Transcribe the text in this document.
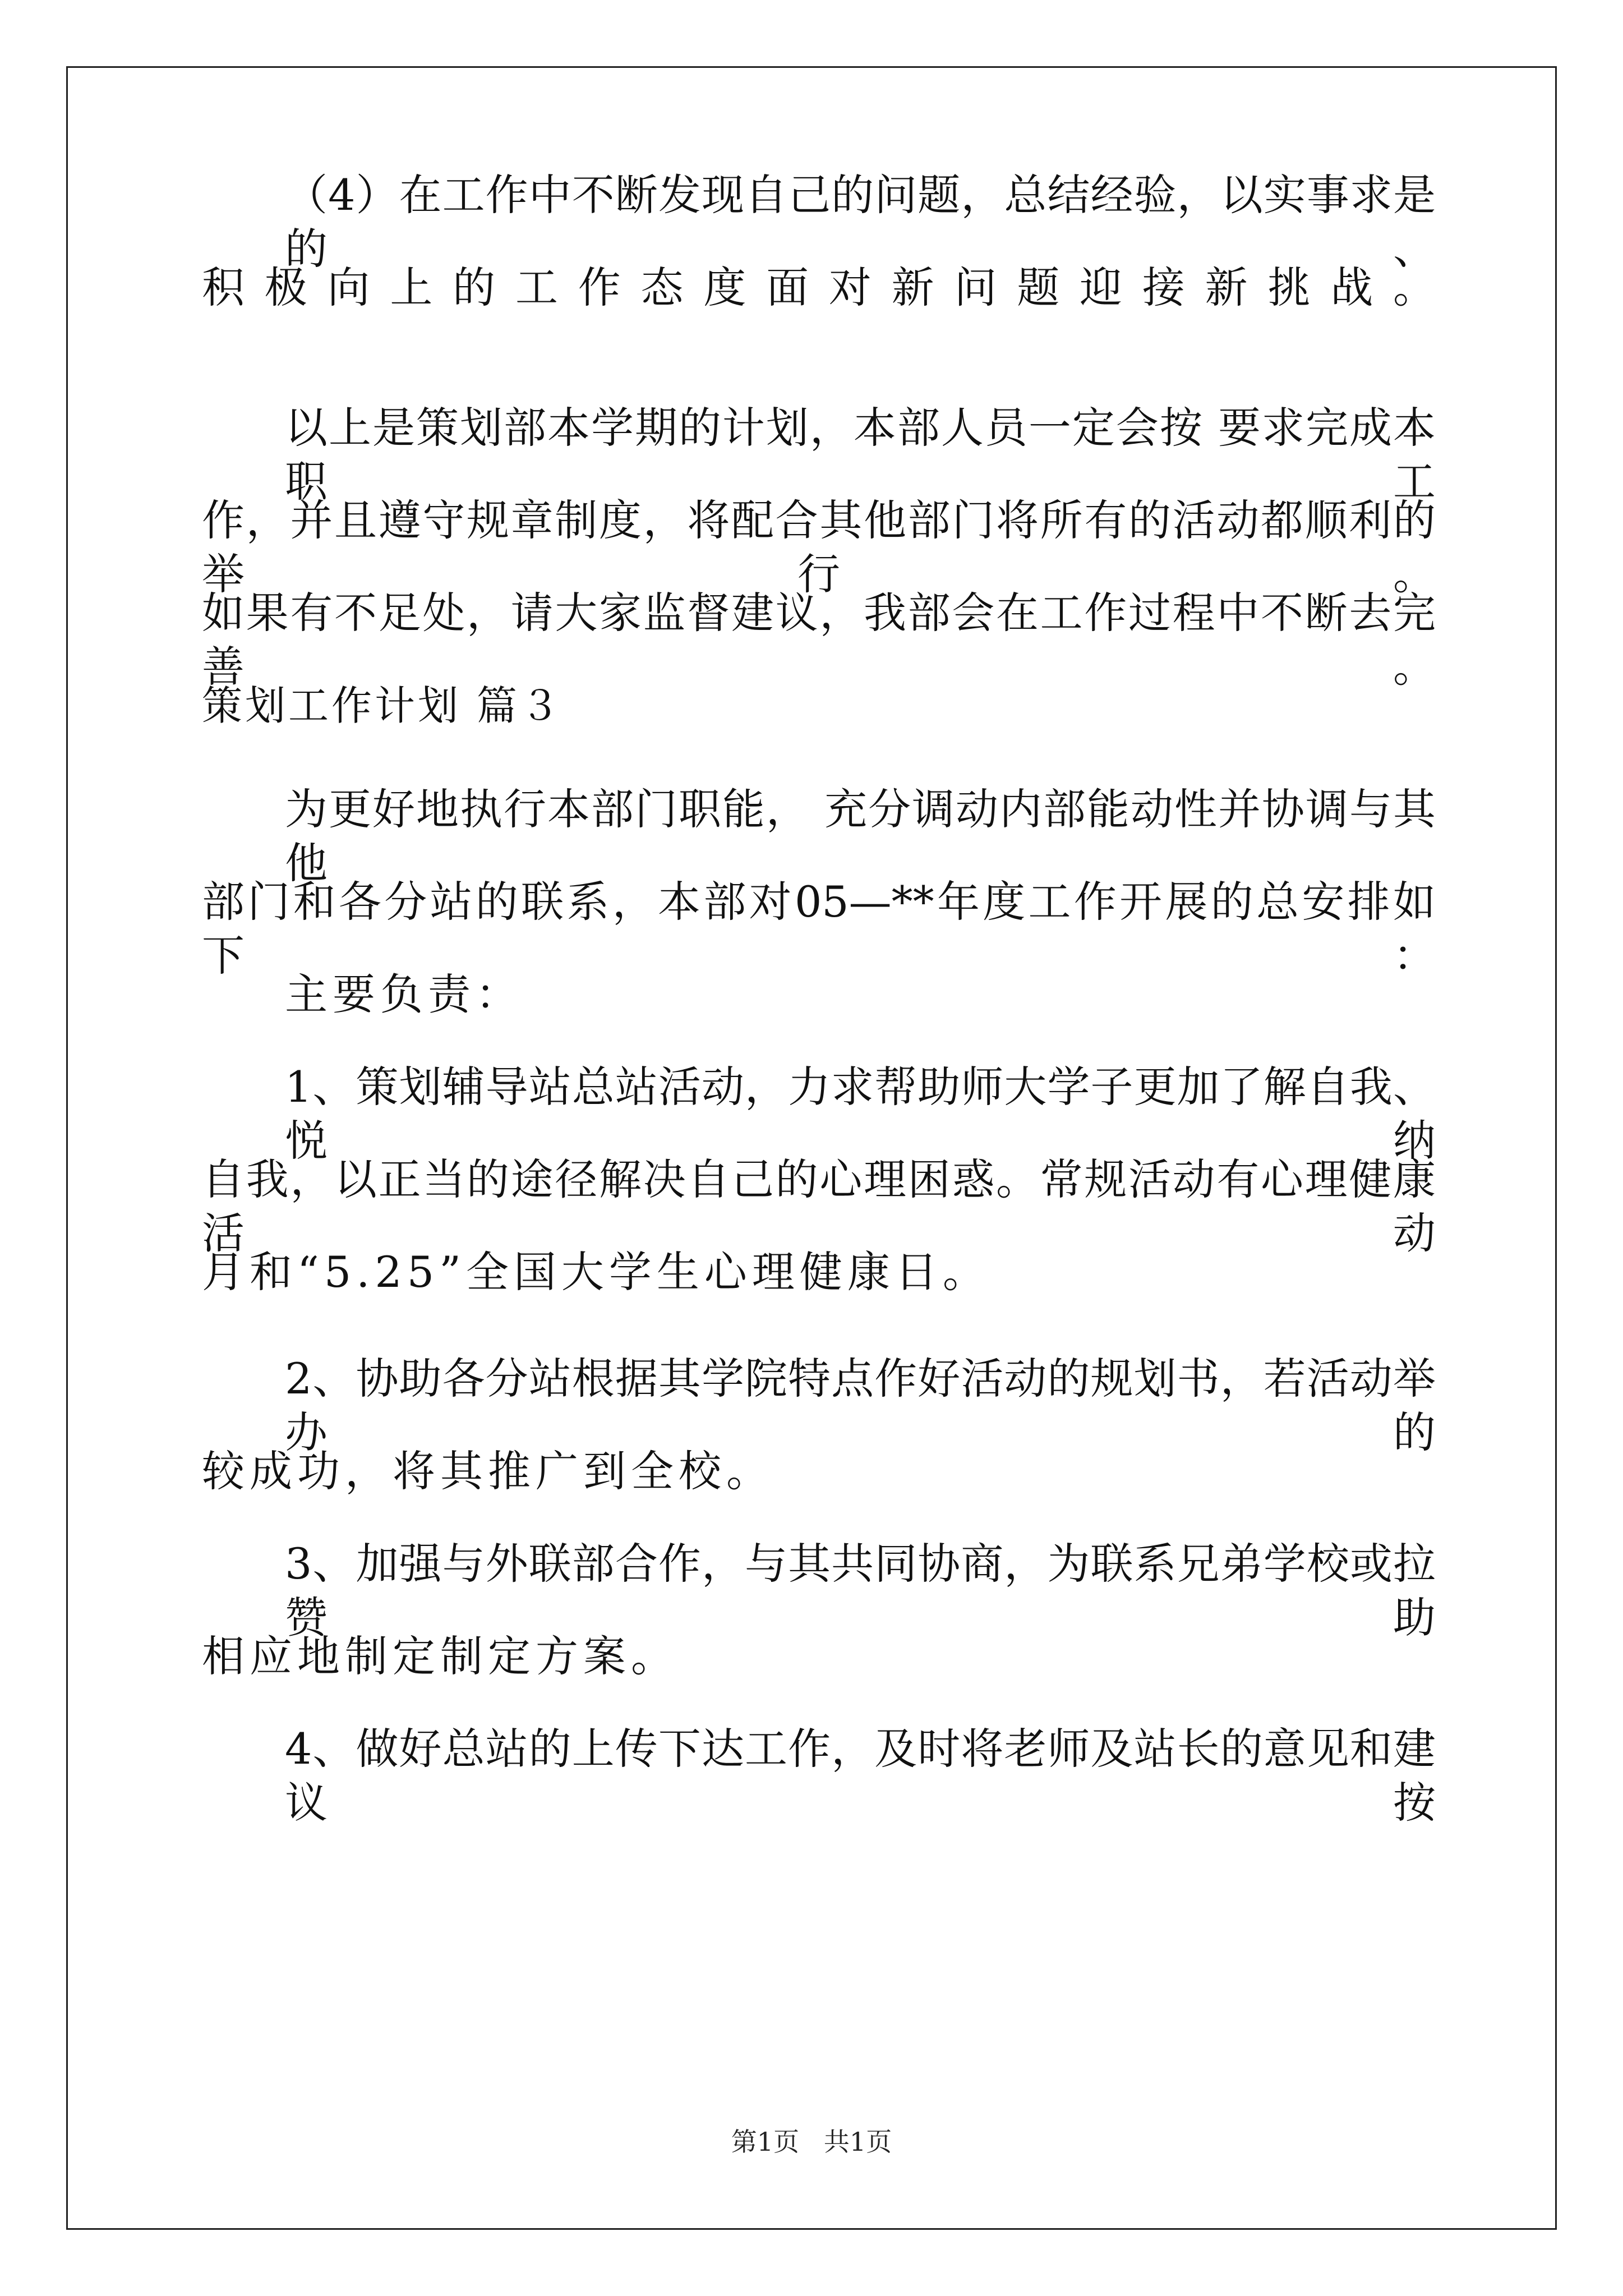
（4）在工作中不断发现自己的问题，总结经验，以实事求是的、
积极向上的工作态度面对新问题迎接新挑战。
以上是策划部本学期的计划，本部人员一定会按 要求完成本职工
作，并且遵守规章制度，将配合其他部门将所有的活动都顺利的举行。
如果有不足处，请大家监督建议，我部会在工作过程中不断去完善。
策划工作计划 篇３
为更好地执行本部门职能， 充分调动内部能动性并协调与其他
部门和各分站的联系，本部对05—**年度工作开展的总安排如下：
主要负责：
1、策划辅导站总站活动，力求帮助师大学子更加了解自我、悦纳
自我，以正当的途径解决自己的心理困惑。常规活动有心理健康活动
月和“5.25”全国大学生心理健康日。
2、协助各分站根据其学院特点作好活动的规划书，若活动举办的
较成功，将其推广到全校。
3、加强与外联部合作，与其共同协商，为联系兄弟学校或拉赞助
相应地制定制定方案。
4、做好总站的上传下达工作，及时将老师及站长的意见和建议按
第1页   共1页
